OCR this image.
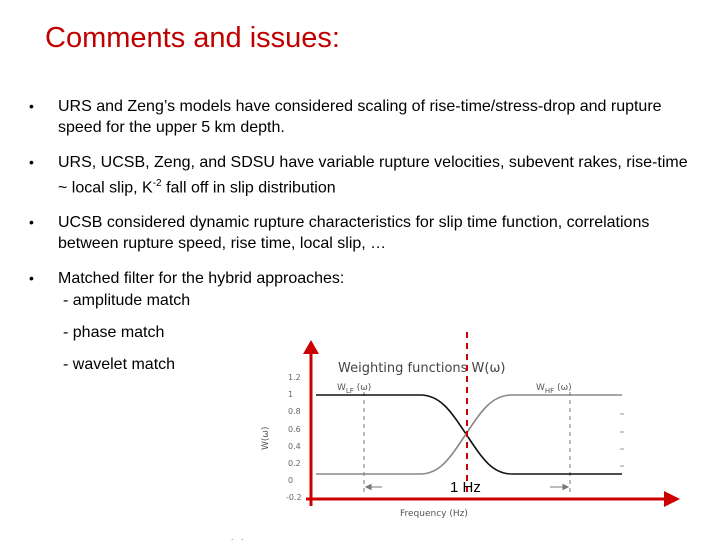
Comments and issues:
• URS and Zeng’s models have considered scaling of rise-time/stress-drop and rupture speed for the upper 5 km depth.
• URS, UCSB, Zeng, and SDSU have variable rupture velocities, subevent rakes, rise-time ~ local slip, $K^{-2}$ fall off in slip distribution
• UCSB considered dynamic rupture characteristics for slip time function, correlations between rupture speed, rise time, local slip, …
• Matched filter for the hybrid approaches:
- amplitude match
- phase match
- wavelet match	Weighting functions W(ω)
1.2
1
0.8
0.6
0.4
0.2
0
-0.2
W(ω)
$W_{LF}$ (ω)	$W_{HF}$ (ω)
1 Hz
Frequency (Hz)
